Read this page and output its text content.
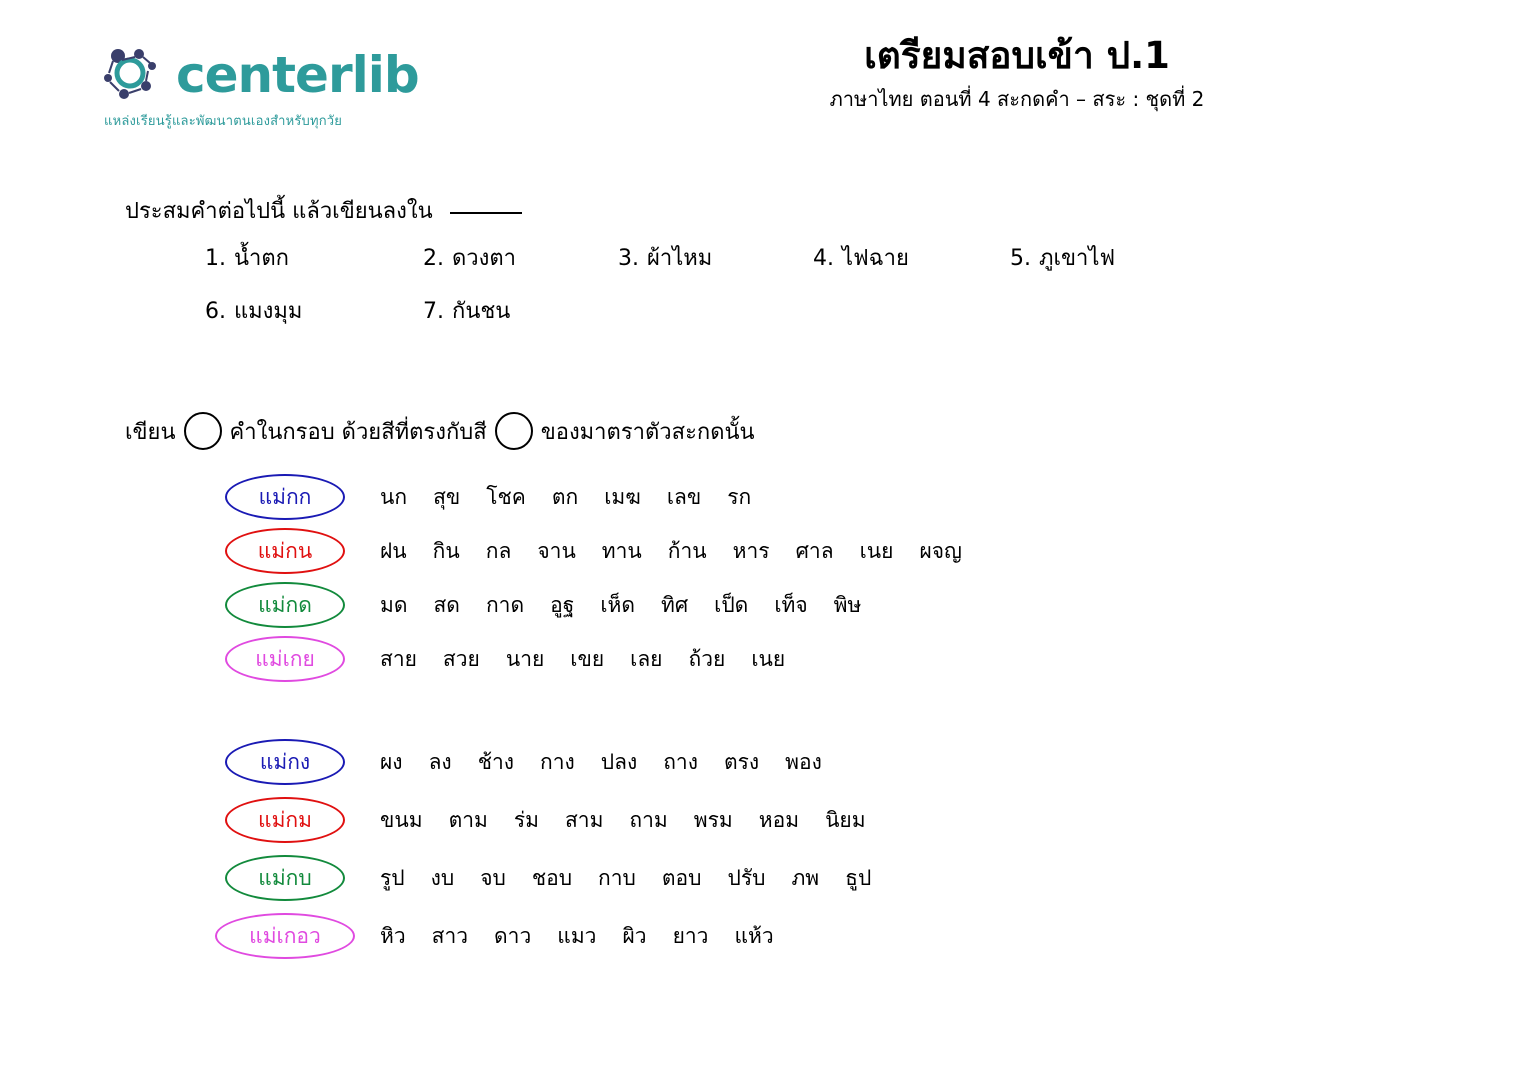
centerlib
แหล่งเรียนรู้และพัฒนาตนเองสำหรับทุกวัย
เตรียมสอบเข้า ป.1
ภาษาไทย ตอนที่ 4 สะกดคำ – สระ : ชุดที่ 2
ประสมคำต่อไปนี้ แล้วเขียนลงใน
1. น้ำตก	2. ดวงตา	3. ผ้าไหม	4. ไฟฉาย	5. ภูเขาไฟ
6. แมงมุม	7. กันชน
เขียน คำในกรอบ ด้วยสีที่ตรงกับสี ของมาตราตัวสะกดนั้น
แม่กก	นก สุข โชค ตก เมฆ เลข รก
แม่กน	ฝน กิน กล จาน ทาน ก้าน หาร ศาล เนย ผจญ
แม่กด	มด สด กาด อูฐ เห็ด ทิศ เป็ด เท็จ พิษ
แม่เกย	สาย สวย นาย เขย เลย ถ้วย เนย
แม่กง	ผง ลง ช้าง กาง ปลง ถาง ตรง พอง
แม่กม	ขนม ตาม ร่ม สาม ถาม พรม หอม นิยม
แม่กบ	รูป งบ จบ ชอบ กาบ ตอบ ปรับ ภพ ธูป
แม่เกอว	หิว สาว ดาว แมว ผิว ยาว แห้ว
